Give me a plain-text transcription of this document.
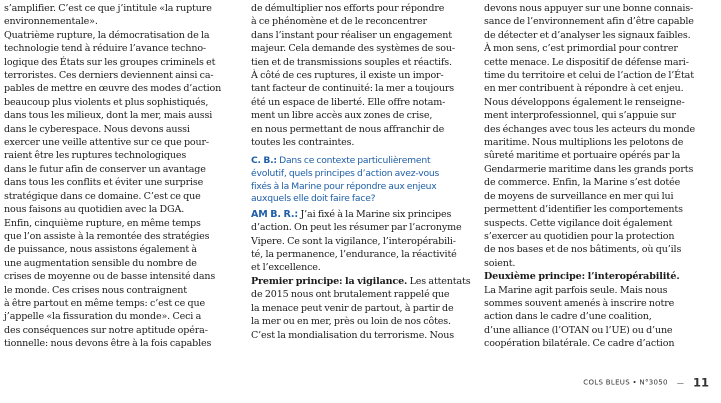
s’amplifier. C’est ce que j’intitule «la rupture
environnementale».
Quatrième rupture, la démocratisation de la
technologie tend à réduire l’avance techno-
logique des États sur les groupes criminels et
terroristes. Ces derniers deviennent ainsi ca-
pables de mettre en œuvre des modes d’action
beaucoup plus violents et plus sophistiqués,
dans tous les milieux, dont la mer, mais aussi
dans le cyberespace. Nous devons aussi
exercer une veille attentive sur ce que pour-
raient être les ruptures technologiques
dans le futur afin de conserver un avantage
dans tous les conflits et éviter une surprise
stratégique dans ce domaine. C’est ce que
nous faisons au quotidien avec la DGA.
Enfin, cinquième rupture, en même temps
que l’on assiste à la remontée des stratégies
de puissance, nous assistons également à
une augmentation sensible du nombre de
crises de moyenne ou de basse intensité dans
le monde. Ces crises nous contraignent
à être partout en même temps: c’est ce que
j’appelle «la fissuration du monde». Ceci a
des conséquences sur notre aptitude opéra-
tionnelle: nous devons être à la fois capables
de démultiplier nos efforts pour répondre
à ce phénomène et de le reconcentrer
dans l’instant pour réaliser un engagement
majeur. Cela demande des systèmes de sou-
tien et de transmissions souples et réactifs.
À côté de ces ruptures, il existe un impor-
tant facteur de continuité: la mer a toujours
été un espace de liberté. Elle offre notam-
ment un libre accès aux zones de crise,
en nous permettant de nous affranchir de
toutes les contraintes.
C. B.: Dans ce contexte particulièrement
évolutif, quels principes d’action avez-vous
fixés à la Marine pour répondre aux enjeux
auxquels elle doit faire face?
AM B. R.: J’ai fixé à la Marine six principes
d’action. On peut les résumer par l’acronyme
Vipere. Ce sont la vigilance, l’interopérabili-
té, la permanence, l’endurance, la réactivité
et l’excellence.
Premier principe: la vigilance. Les attentats
de 2015 nous ont brutalement rappelé que
la menace peut venir de partout, à partir de
la mer ou en mer, près ou loin de nos côtes.
C’est la mondialisation du terrorisme. Nous
devons nous appuyer sur une bonne connais-
sance de l’environnement afin d’être capable
de détecter et d’analyser les signaux faibles.
À mon sens, c’est primordial pour contrer
cette menace. Le dispositif de défense mari-
time du territoire et celui de l’action de l’État
en mer contribuent à répondre à cet enjeu.
Nous développons également le renseigne-
ment interprofessionnel, qui s’appuie sur
des échanges avec tous les acteurs du monde
maritime. Nous multiplions les pelotons de
sûreté maritime et portuaire opérés par la
Gendarmerie maritime dans les grands ports
de commerce. Enfin, la Marine s’est dotée
de moyens de surveillance en mer qui lui
permettent d’identifier les comportements
suspects. Cette vigilance doit également
s’exercer au quotidien pour la protection
de nos bases et de nos bâtiments, où qu’ils
soient.
Deuxième principe: l’interopérabilité.
La Marine agit parfois seule. Mais nous
sommes souvent amenés à inscrire notre
action dans le cadre d’une coalition,
d’une alliance (l’OTAN ou l’UE) ou d’une
coopération bilatérale. Ce cadre d’action
COLS BLEUS • N°3050 — 11
